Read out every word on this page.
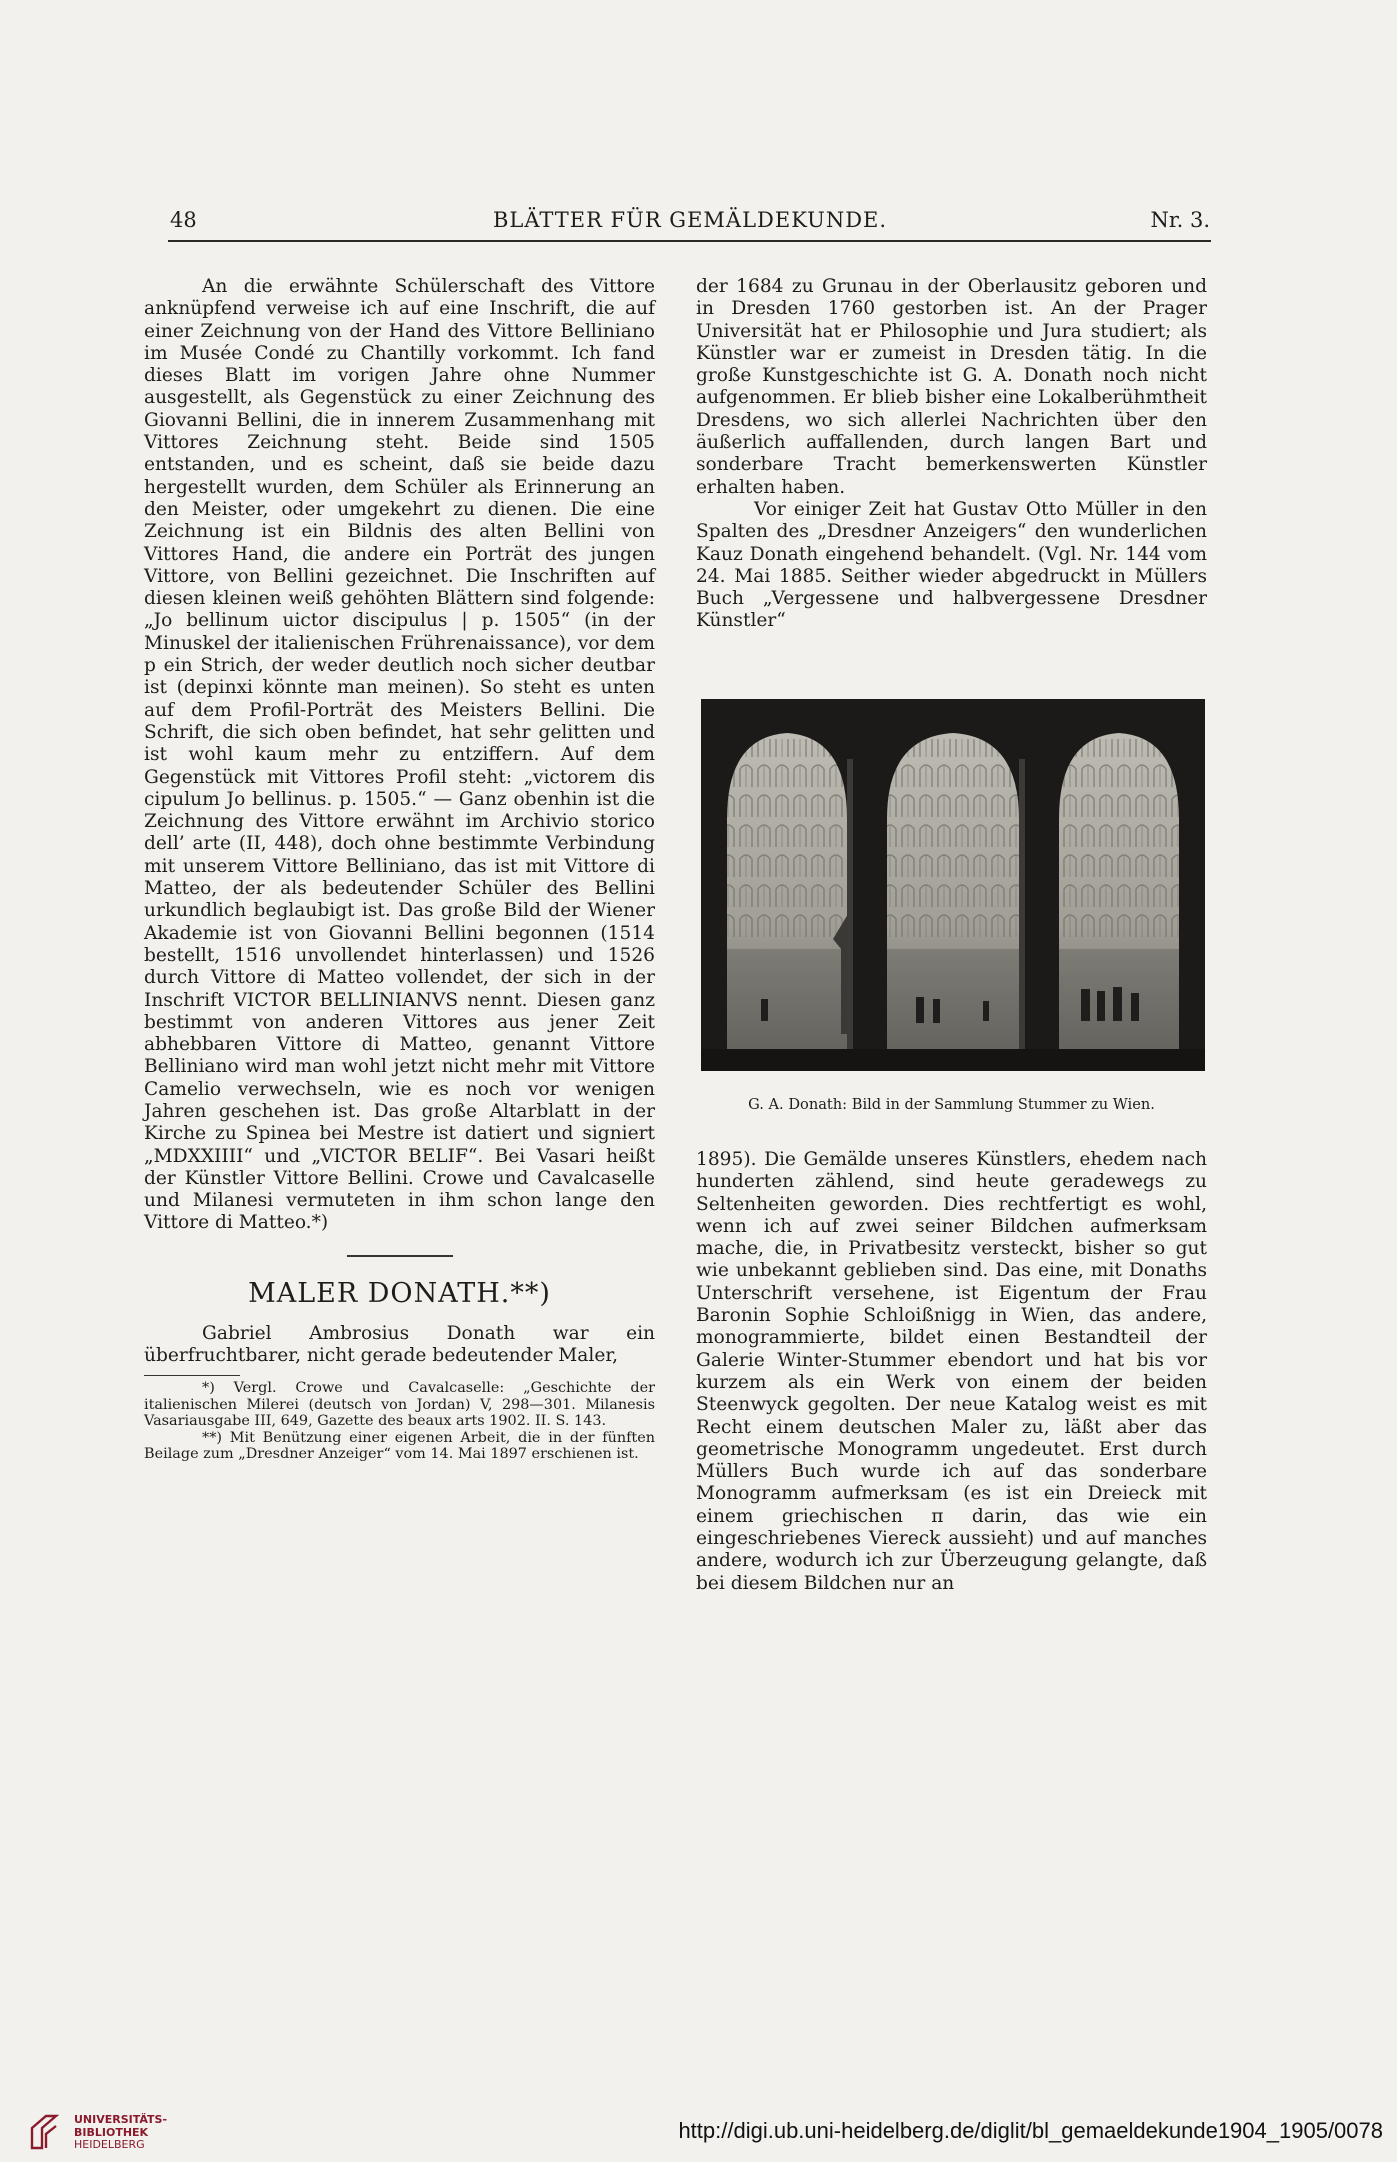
48	BLÄTTER FÜR GEMÄLDEKUNDE.	Nr. 3.

An die erwähnte Schülerschaft des Vittore anknüpfend verweise ich auf eine Inschrift, die auf einer Zeichnung von der Hand des Vittore Belliniano im Musée Condé zu Chantilly vorkommt. Ich fand dieses Blatt im vorigen Jahre ohne Nummer ausgestellt, als Gegenstück zu einer Zeichnung des Giovanni Bellini, die in innerem Zusammenhang mit Vittores Zeichnung steht. Beide sind 1505 entstanden, und es scheint, daß sie beide dazu hergestellt wurden, dem Schüler als Erinnerung an den Meister, oder umgekehrt zu dienen. Die eine Zeichnung ist ein Bildnis des alten Bellini von Vittores Hand, die andere ein Porträt des jungen Vittore, von Bellini gezeichnet. Die Inschriften auf diesen kleinen weiß gehöhten Blättern sind folgende: „Jo bellinum uictor discipulus | p. 1505“ (in der Minuskel der italienischen Frührenaissance), vor dem p ein Strich, der weder deutlich noch sicher deutbar ist (depinxi könnte man meinen). So steht es unten auf dem Profil-Porträt des Meisters Bellini. Die Schrift, die sich oben befindet, hat sehr gelitten und ist wohl kaum mehr zu entziffern. Auf dem Gegenstück mit Vittores Profil steht: „victorem dis cipulum Jo bellinus. p. 1505.“ — Ganz obenhin ist die Zeichnung des Vittore erwähnt im Archivio storico dell’ arte (II, 448), doch ohne bestimmte Verbindung mit unserem Vittore Belliniano, das ist mit Vittore di Matteo, der als bedeutender Schüler des Bellini urkundlich beglaubigt ist. Das große Bild der Wiener Akademie ist von Giovanni Bellini begonnen (1514 bestellt, 1516 unvollendet hinterlassen) und 1526 durch Vittore di Matteo vollendet, der sich in der Inschrift VICTOR BELLINIANVS nennt. Diesen ganz bestimmt von anderen Vittores aus jener Zeit abhebbaren Vittore di Matteo, genannt Vittore Belliniano wird man wohl jetzt nicht mehr mit Vittore Camelio verwechseln, wie es noch vor wenigen Jahren geschehen ist. Das große Altarblatt in der Kirche zu Spinea bei Mestre ist datiert und signiert „MDXXIIII“ und „VICTOR BELIF“. Bei Vasari heißt der Künstler Vittore Bellini. Crowe und Cavalcaselle und Milanesi vermuteten in ihm schon lange den Vittore di Matteo.*)

MALER DONATH.**)

Gabriel Ambrosius Donath war ein überfruchtbarer, nicht gerade bedeutender Maler,

*) Vergl. Crowe und Cavalcaselle: „Geschichte der italienischen Milerei (deutsch von Jordan) V, 298—301. Milanesis Vasariausgabe III, 649, Gazette des beaux arts 1902. II. S. 143.

**) Mit Benützung einer eigenen Arbeit, die in der fünften Beilage zum „Dresdner Anzeiger“ vom 14. Mai 1897 erschienen ist.

der 1684 zu Grunau in der Oberlausitz geboren und in Dresden 1760 gestorben ist. An der Prager Universität hat er Philosophie und Jura studiert; als Künstler war er zumeist in Dresden tätig. In die große Kunstgeschichte ist G. A. Donath noch nicht aufgenommen. Er blieb bisher eine Lokalberühmtheit Dresdens, wo sich allerlei Nachrichten über den äußerlich auffallenden, durch langen Bart und sonderbare Tracht bemerkenswerten Künstler erhalten haben.

Vor einiger Zeit hat Gustav Otto Müller in den Spalten des „Dresdner Anzeigers“ den wunderlichen Kauz Donath eingehend behandelt. (Vgl. Nr. 144 vom 24. Mai 1885. Seither wieder abgedruckt in Müllers Buch „Vergessene und halbvergessene Dresdner Künstler“

G. A. Donath: Bild in der Sammlung Stummer zu Wien.

1895). Die Gemälde unseres Künstlers, ehedem nach hunderten zählend, sind heute geradewegs zu Seltenheiten geworden. Dies rechtfertigt es wohl, wenn ich auf zwei seiner Bildchen aufmerksam mache, die, in Privatbesitz versteckt, bisher so gut wie unbekannt geblieben sind. Das eine, mit Donaths Unterschrift versehene, ist Eigentum der Frau Baronin Sophie Schloißnigg in Wien, das andere, monogrammierte, bildet einen Bestandteil der Galerie Winter-Stummer ebendort und hat bis vor kurzem als ein Werk von einem der beiden Steenwyck gegolten. Der neue Katalog weist es mit Recht einem deutschen Maler zu, läßt aber das geometrische Monogramm ungedeutet. Erst durch Müllers Buch wurde ich auf das sonderbare Monogramm aufmerksam (es ist ein Dreieck mit einem griechischen π darin, das wie ein eingeschriebenes Viereck aussieht) und auf manches andere, wodurch ich zur Überzeugung gelangte, daß bei diesem Bildchen nur an

UNIVERSITÄTS-
BIBLIOTHEK
HEIDELBERG
http://digi.ub.uni-heidelberg.de/diglit/bl_gemaeldekunde1904_1905/0078
